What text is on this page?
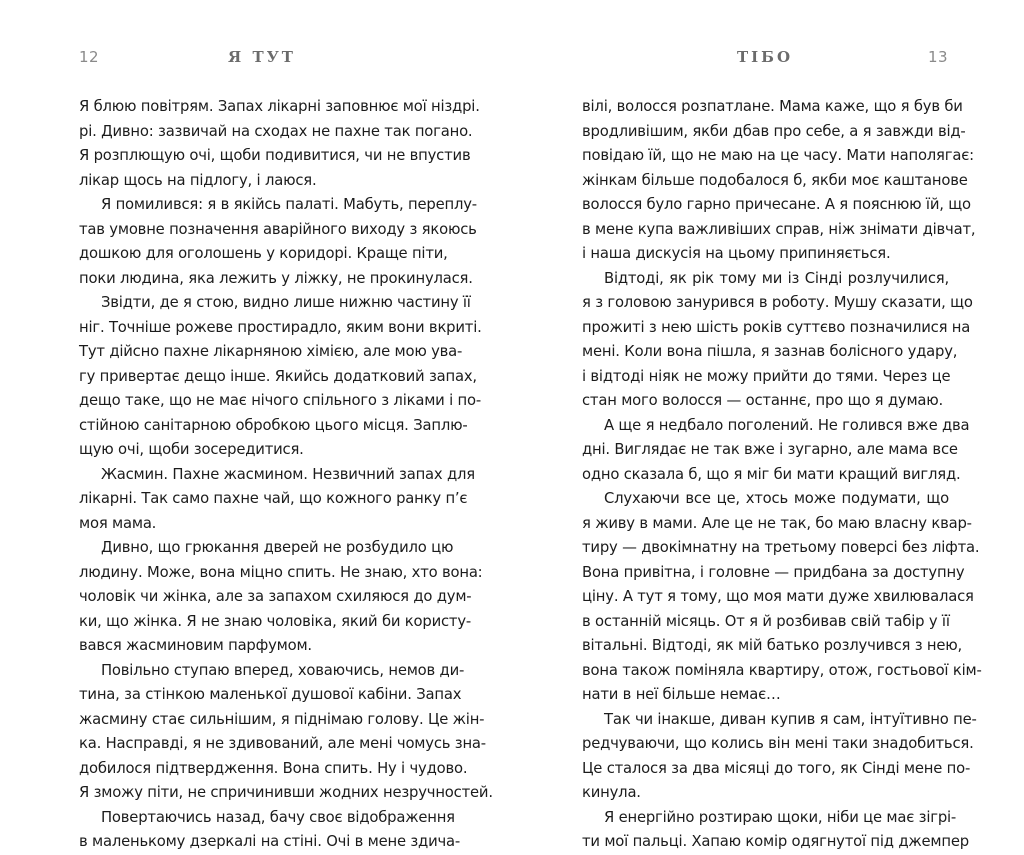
12	Я ТУТ
Я блюю повітрям. Запах лікарні заповнює мої ніздрі.
рі. Дивно: зазвичай на сходах не пахне так погано.
Я розплющую очі, щоби подивитися, чи не впустив
лікар щось на підлогу, і лаюся.
Я помилився: я в якійсь палаті. Мабуть, переплу-
тав умовне позначення аварійного виходу з якоюсь
дошкою для оголошень у коридорі. Краще піти,
поки людина, яка лежить у ліжку, не прокинулася.
Звідти, де я стою, видно лише нижню частину її
ніг. Точніше рожеве простирадло, яким вони вкриті.
Тут дійсно пахне лікарняною хімією, але мою ува-
гу привертає дещо інше. Якийсь додатковий запах,
дещо таке, що не має нічого спільного з ліками і по-
стійною санітарною обробкою цього місця. Заплю-
щую очі, щоби зосередитися.
Жасмин. Пахне жасмином. Незвичний запах для
лікарні. Так само пахне чай, що кожного ранку п’є
моя мама.
Дивно, що грюкання дверей не розбудило цю
людину. Може, вона міцно спить. Не знаю, хто вона:
чоловік чи жінка, але за запахом схиляюся до дум-
ки, що жінка. Я не знаю чоловіка, який би користу-
вався жасминовим парфумом.
Повільно ступаю вперед, ховаючись, немов ди-
тина, за стінкою маленької душової кабіни. Запах
жасмину стає сильнішим, я піднімаю голову. Це жін-
ка. Насправді, я не здивований, але мені чомусь зна-
добилося підтвердження. Вона спить. Ну і чудово.
Я зможу піти, не спричинивши жодних незручностей.
Повертаючись назад, бачу своє відображення
в маленькому дзеркалі на стіні. Очі в мене здича-
ТІБО	13
вілі, волосся розпатлане. Мама каже, що я був би
вродливішим, якби дбав про себе, а я завжди від-
повідаю їй, що не маю на це часу. Мати наполягає:
жінкам більше подобалося б, якби моє каштанове
волосся було гарно причесане. А я пояснюю їй, що
в мене купа важливіших справ, ніж знімати дівчат,
і наша дискусія на цьому припиняється.
Відтоді, як рік тому ми із Сінді розлучилися,
я з головою занурився в роботу. Мушу сказати, що
прожиті з нею шість років суттєво позначилися на
мені. Коли вона пішла, я зазнав болісного удару,
і відтоді ніяк не можу прийти до тями. Через це
стан мого волосся — останнє, про що я думаю.
А ще я недбало поголений. Не голився вже два
дні. Виглядає не так вже і зугарно, але мама все
одно сказала б, що я міг би мати кращий вигляд.
Слухаючи все це, хтось може подумати, що
я живу в мами. Але це не так, бо маю власну квар-
тиру — двокімнатну на третьому поверсі без ліфта.
Вона привітна, і головне — придбана за доступну
ціну. А тут я тому, що моя мати дуже хвилювалася
в останній місяць. От я й розбивав свій табір у її
вітальні. Відтоді, як мій батько розлучився з нею,
вона також поміняла квартиру, отож, гостьової кім-
нати в неї більше немає…
Так чи інакше, диван купив я сам, інтуїтивно пе-
редчуваючи, що колись він мені таки знадобиться.
Це сталося за два місяці до того, як Сінді мене по-
кинула.
Я енергійно розтираю щоки, ніби це має зігрі-
ти мої пальці. Хапаю комір одягнутої під джемпер
